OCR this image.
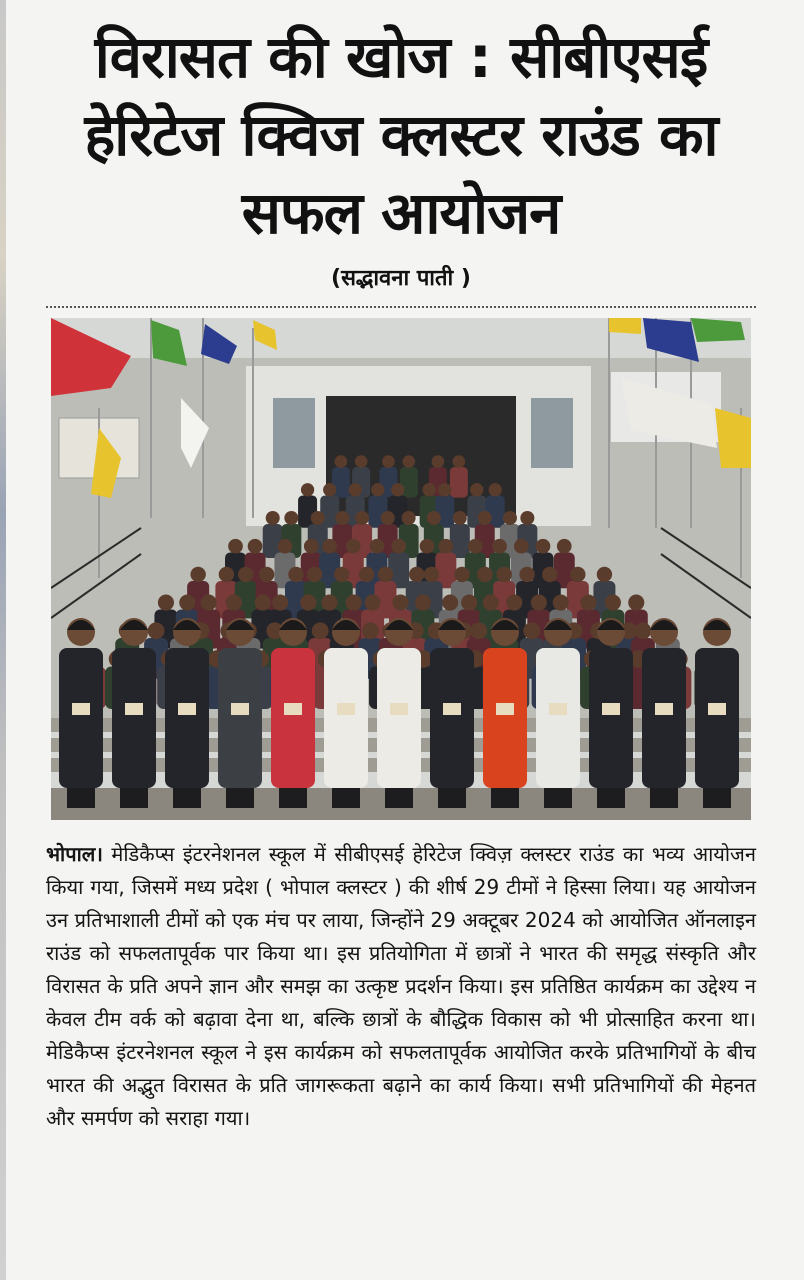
विरासत की खोज : सीबीएसई हेरिटेज क्विज क्लस्टर राउंड का सफल आयोजन
(सद्भावना पाती )

भोपाल। मेडिकैप्स इंटरनेशनल स्कूल में सीबीएसई हेरिटेज क्विज़ क्लस्टर राउंड का भव्य आयोजन किया गया, जिसमें मध्य प्रदेश ( भोपाल क्लस्टर ) की शीर्ष 29 टीमों ने हिस्सा लिया। यह आयोजन उन प्रतिभाशाली टीमों को एक मंच पर लाया, जिन्होंने 29 अक्टूबर 2024 को आयोजित ऑनलाइन राउंड को सफलतापूर्वक पार किया था। इस प्रतियोगिता में छात्रों ने भारत की समृद्ध संस्कृति और विरासत के प्रति अपने ज्ञान और समझ का उत्कृष्ट प्रदर्शन किया। इस प्रतिष्ठित कार्यक्रम का उद्देश्य न केवल टीम वर्क को बढ़ावा देना था, बल्कि छात्रों के बौद्धिक विकास को भी प्रोत्साहित करना था। मेडिकैप्स इंटरनेशनल स्कूल ने इस कार्यक्रम को सफलतापूर्वक आयोजित करके प्रतिभागियों के बीच भारत की अद्भुत विरासत के प्रति जागरूकता बढ़ाने का कार्य किया। सभी प्रतिभागियों की मेहनत और समर्पण को सराहा गया।
